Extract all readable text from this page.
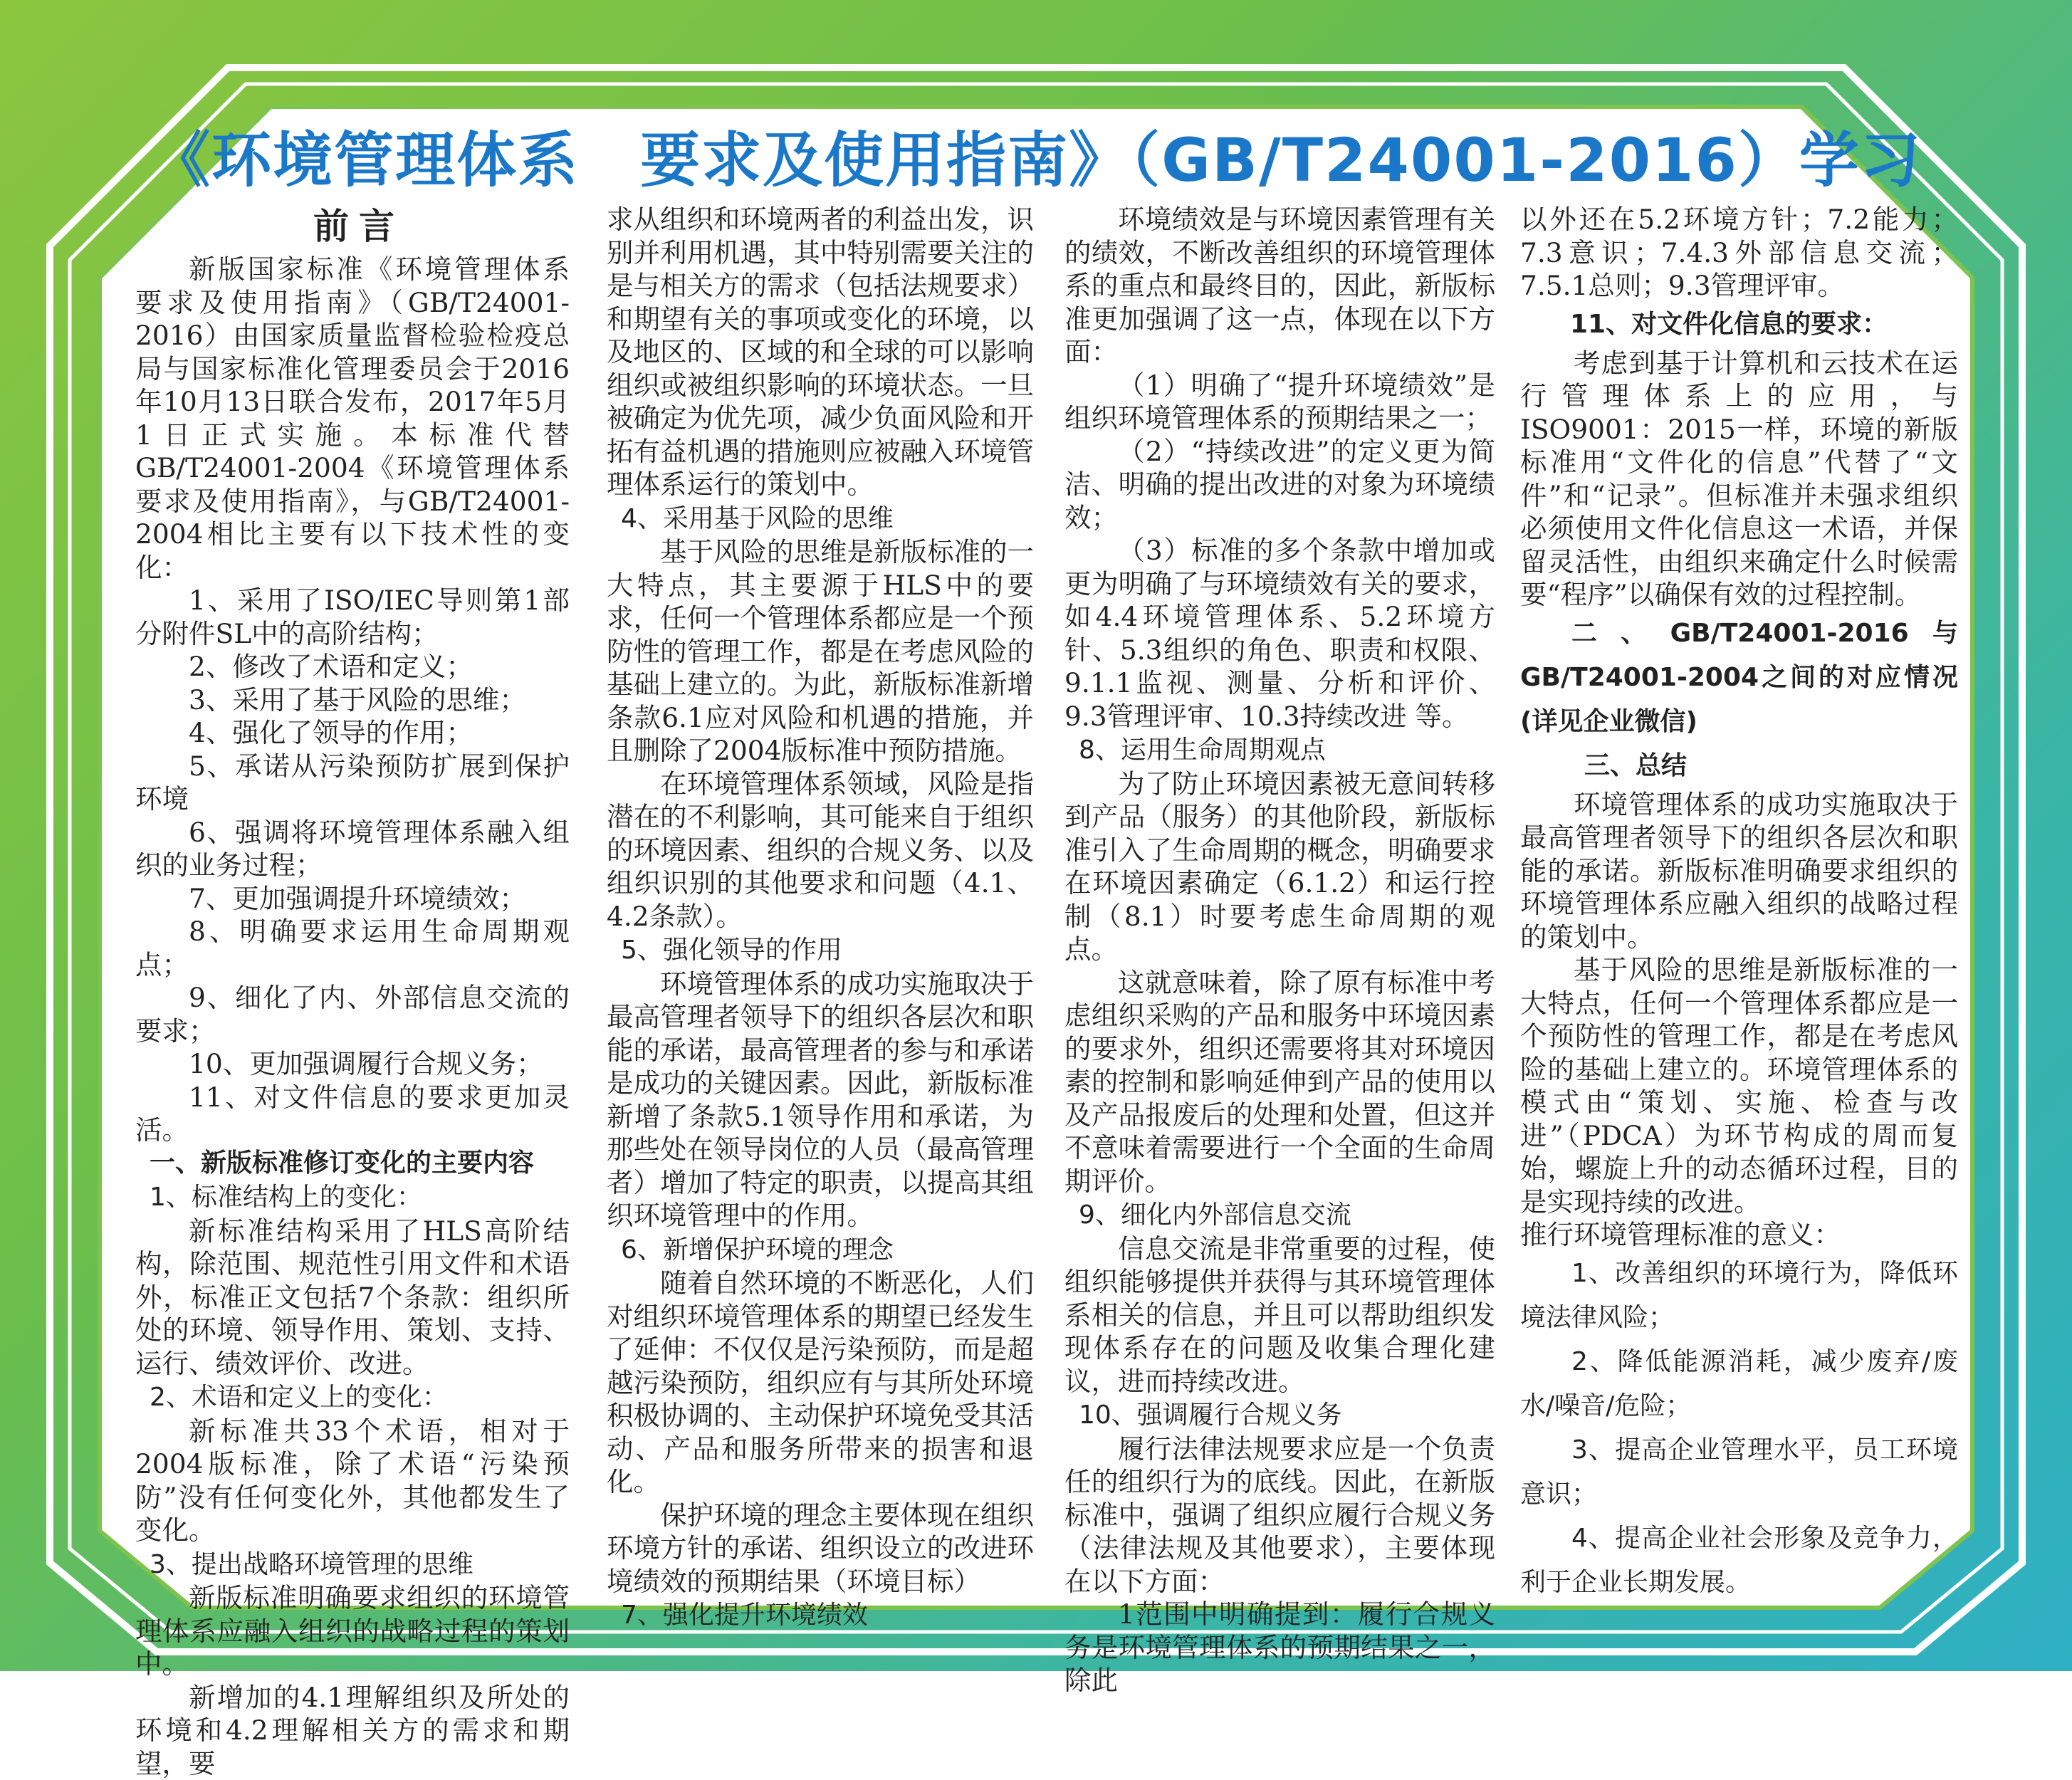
《环境管理体系　要求及使用指南》（GB/T24001-2016）学习
前言

新版国家标准《环境管理体系 要求及使用指南》（GB/T24001-2016）由国家质量监督检验检疫总局与国家标准化管理委员会于2016年10月13日联合发布，2017年5月1日正式实施。本标准代替GB/T24001-2004《环境管理体系 要求及使用指南》，与GB/T24001-2004相比主要有以下技术性的变化：

1、采用了ISO/IEC导则第1部分附件SL中的高阶结构；

2、修改了术语和定义；

3、采用了基于风险的思维；

4、强化了领导的作用；

5、承诺从污染预防扩展到保护环境

6、强调将环境管理体系融入组织的业务过程；

7、更加强调提升环境绩效；

8、明确要求运用生命周期观点；

9、细化了内、外部信息交流的要求；

10、更加强调履行合规义务；

11、对文件信息的要求更加灵活。

一、新版标准修订变化的主要内容

1、标准结构上的变化：

新标准结构采用了HLS高阶结构，除范围、规范性引用文件和术语外，标准正文包括7个条款：组织所处的环境、领导作用、策划、支持、运行、绩效评价、改进。

2、术语和定义上的变化：

新标准共33个术语，相对于2004版标准，除了术语“污染预防”没有任何变化外，其他都发生了变化。

3、提出战略环境管理的思维

新版标准明确要求组织的环境管理体系应融入组织的战略过程的策划中。

新增加的4.1理解组织及所处的环境和4.2理解相关方的需求和期望，要

求从组织和环境两者的利益出发，识别并利用机遇，其中特别需要关注的是与相关方的需求（包括法规要求）和期望有关的事项或变化的环境，以及地区的、区域的和全球的可以影响组织或被组织影响的环境状态。一旦被确定为优先项，减少负面风险和开拓有益机遇的措施则应被融入环境管理体系运行的策划中。

4、采用基于风险的思维

基于风险的思维是新版标准的一大特点，其主要源于HLS中的要求，任何一个管理体系都应是一个预防性的管理工作，都是在考虑风险的基础上建立的。为此，新版标准新增条款6.1应对风险和机遇的措施，并且删除了2004版标准中预防措施。

在环境管理体系领域，风险是指潜在的不利影响，其可能来自于组织的环境因素、组织的合规义务、以及组织识别的其他要求和问题（4.1、4.2条款）。

5、强化领导的作用

环境管理体系的成功实施取决于最高管理者领导下的组织各层次和职能的承诺，最高管理者的参与和承诺是成功的关键因素。因此，新版标准新增了条款5.1领导作用和承诺，为那些处在领导岗位的人员（最高管理者）增加了特定的职责，以提高其组织环境管理中的作用。

6、新增保护环境的理念

随着自然环境的不断恶化，人们对组织环境管理体系的期望已经发生了延伸：不仅仅是污染预防，而是超越污染预防，组织应有与其所处环境积极协调的、主动保护环境免受其活动、产品和服务所带来的损害和退化。

保护环境的理念主要体现在组织环境方针的承诺、组织设立的改进环境绩效的预期结果（环境目标）

7、强化提升环境绩效

环境绩效是与环境因素管理有关的绩效，不断改善组织的环境管理体系的重点和最终目的，因此，新版标准更加强调了这一点，体现在以下方面：

（1）明确了“提升环境绩效”是组织环境管理体系的预期结果之一；

（2）“持续改进”的定义更为简洁、明确的提出改进的对象为环境绩效；

（3）标准的多个条款中增加或更为明确了与环境绩效有关的要求，如4.4环境管理体系、5.2环境方针、5.3组织的角色、职责和权限、9.1.1监视、测量、分析和评价、9.3管理评审、10.3持续改进 等。

8、运用生命周期观点

为了防止环境因素被无意间转移到产品（服务）的其他阶段，新版标准引入了生命周期的概念，明确要求在环境因素确定（6.1.2）和运行控制（8.1）时要考虑生命周期的观点。

这就意味着，除了原有标准中考虑组织采购的产品和服务中环境因素的要求外，组织还需要将其对环境因素的控制和影响延伸到产品的使用以及产品报废后的处理和处置，但这并不意味着需要进行一个全面的生命周期评价。

9、细化内外部信息交流

信息交流是非常重要的过程，使组织能够提供并获得与其环境管理体系相关的信息，并且可以帮助组织发现体系存在的问题及收集合理化建议，进而持续改进。

10、强调履行合规义务

履行法律法规要求应是一个负责任的组织行为的底线。因此，在新版标准中，强调了组织应履行合规义务（法律法规及其他要求），主要体现在以下方面：

1范围中明确提到：履行合规义务是环境管理体系的预期结果之一，除此

以外还在5.2环境方针；7.2能力；7.3意识；7.4.3外部信息交流；7.5.1总则；9.3管理评审。

11、对文件化信息的要求：

考虑到基于计算机和云技术在运行管理体系上的应用，与ISO9001：2015一样，环境的新版标准用“文件化的信息”代替了“文件”和“记录”。但标准并未强求组织必须使用文件化信息这一术语，并保留灵活性，由组织来确定什么时候需要“程序”以确保有效的过程控制。

二、GB/T24001-2016与GB/T24001-2004之间的对应情况(详见企业微信)

三、总结

环境管理体系的成功实施取决于最高管理者领导下的组织各层次和职能的承诺。新版标准明确要求组织的环境管理体系应融入组织的战略过程的策划中。

基于风险的思维是新版标准的一大特点，任何一个管理体系都应是一个预防性的管理工作，都是在考虑风险的基础上建立的。环境管理体系的模式由“策划、实施、检查与改进”（PDCA）为环节构成的周而复始，螺旋上升的动态循环过程，目的是实现持续的改进。

推行环境管理标准的意义：

1、改善组织的环境行为，降低环境法律风险；

2、降低能源消耗，减少废弃/废水/噪音/危险；

3、提高企业管理水平，员工环境意识；

4、提高企业社会形象及竞争力，利于企业长期发展。
